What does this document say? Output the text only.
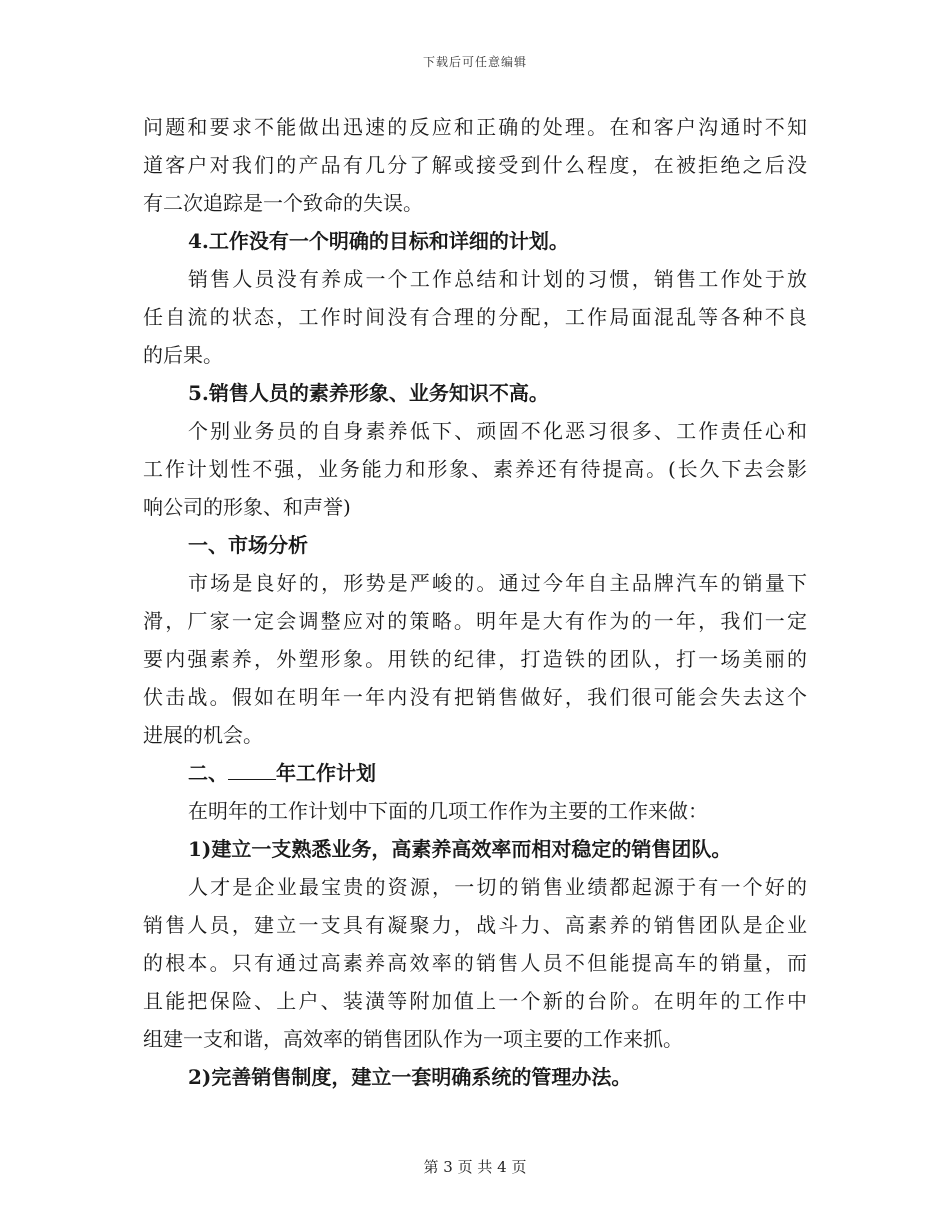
下载后可任意编辑
问题和要求不能做出迅速的反应和正确的处理。在和客户沟通时不知
道客户对我们的产品有几分了解或接受到什么程度，在被拒绝之后没
有二次追踪是一个致命的失误。
4.工作没有一个明确的目标和详细的计划。
销售人员没有养成一个工作总结和计划的习惯，销售工作处于放
任自流的状态，工作时间没有合理的分配，工作局面混乱等各种不良
的后果。
5.销售人员的素养形象、业务知识不高。
个别业务员的自身素养低下、顽固不化恶习很多、工作责任心和
工作计划性不强，业务能力和形象、素养还有待提高。(长久下去会影
响公司的形象、和声誉)
一、市场分析
市场是良好的，形势是严峻的。通过今年自主品牌汽车的销量下
滑，厂家一定会调整应对的策略。明年是大有作为的一年，我们一定
要内强素养，外塑形象。用铁的纪律，打造铁的团队，打一场美丽的
伏击战。假如在明年一年内没有把销售做好，我们很可能会失去这个
进展的机会。
二、 年工作计划
在明年的工作计划中下面的几项工作作为主要的工作来做：
1)建立一支熟悉业务，高素养高效率而相对稳定的销售团队。
人才是企业最宝贵的资源，一切的销售业绩都起源于有一个好的
销售人员，建立一支具有凝聚力，战斗力、高素养的销售团队是企业
的根本。只有通过高素养高效率的销售人员不但能提高车的销量，而
且能把保险、上户、装潢等附加值上一个新的台阶。在明年的工作中
组建一支和谐，高效率的销售团队作为一项主要的工作来抓。
2)完善销售制度，建立一套明确系统的管理办法。
第 3 页 共 4 页
